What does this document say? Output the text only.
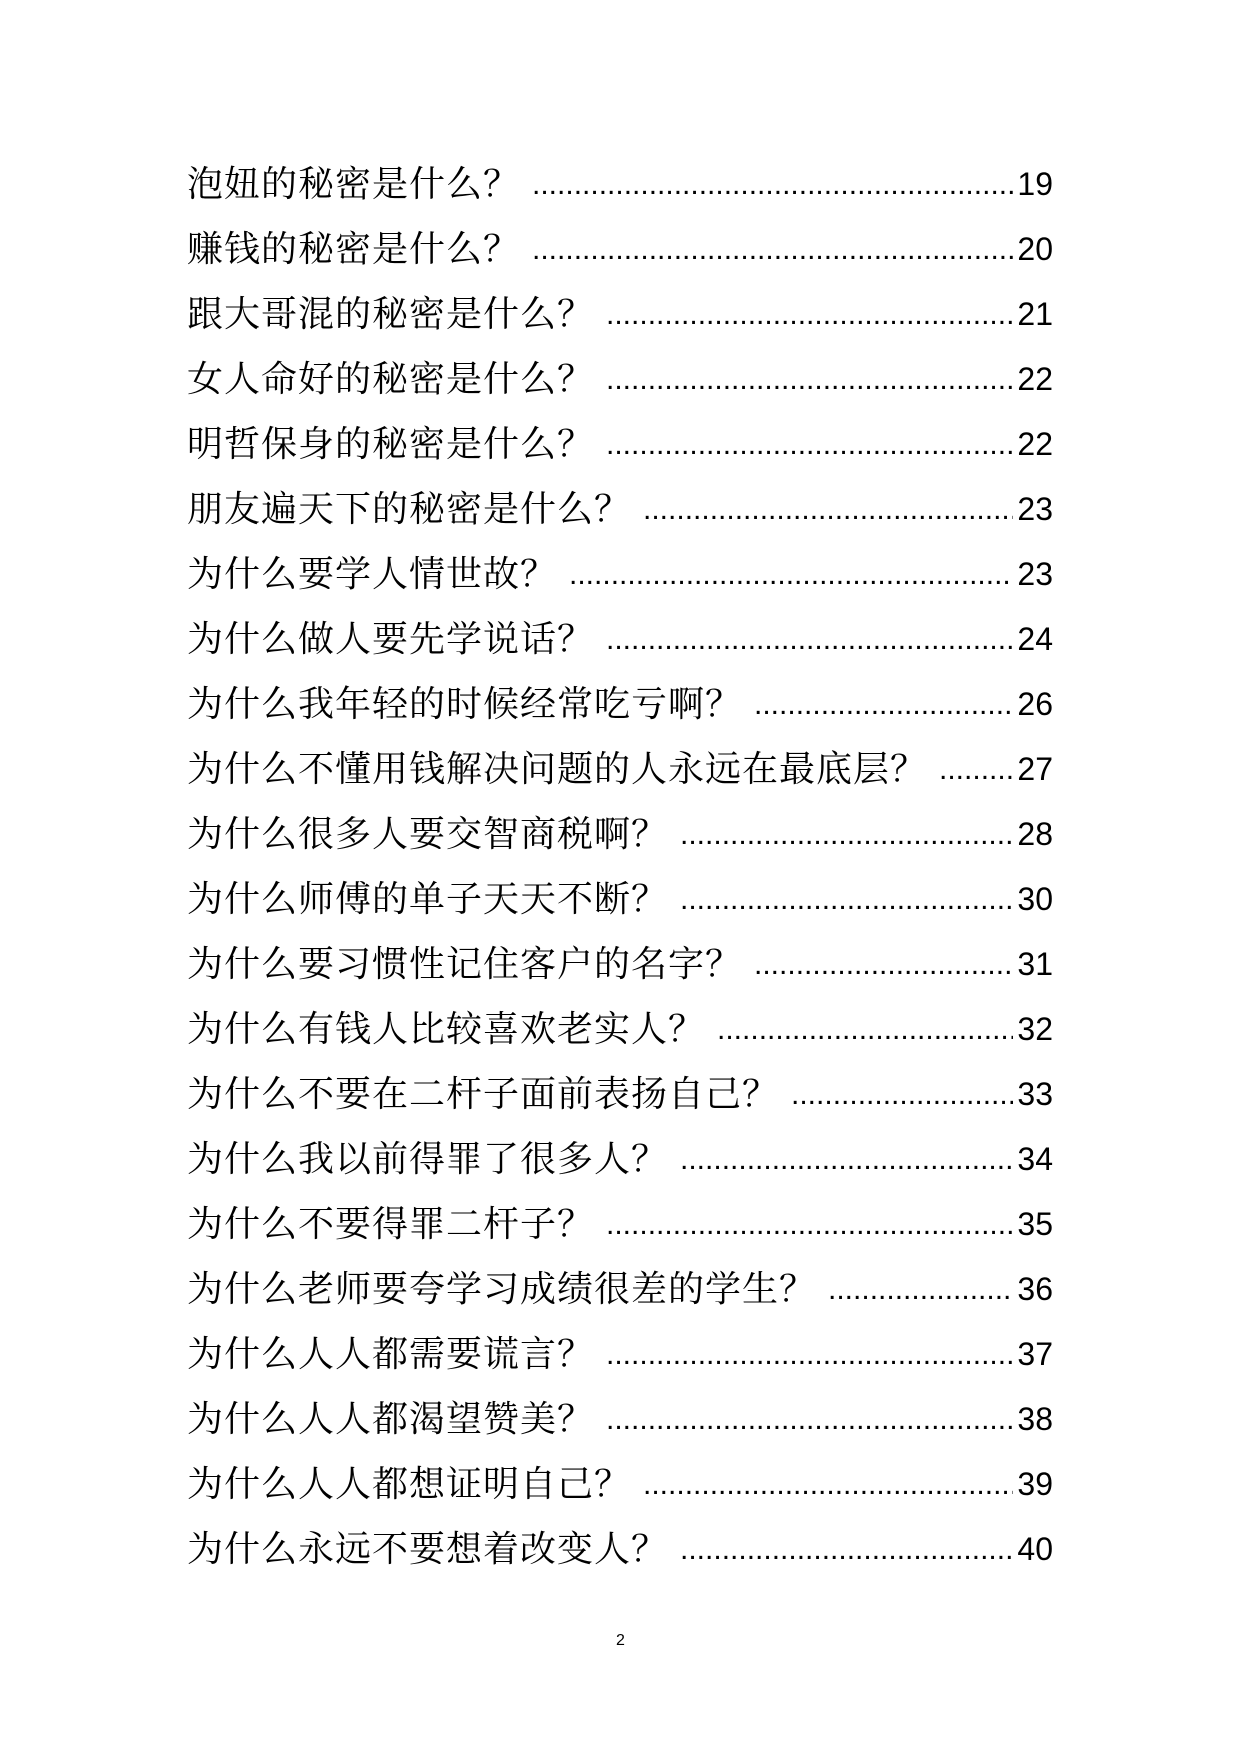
泡妞的秘密是什么？ .....	19
赚钱的秘密是什么？ .....	20
跟大哥混的秘密是什么？ .....	21
女人命好的秘密是什么？ .....	22
明哲保身的秘密是什么？ .....	22
朋友遍天下的秘密是什么？ .....	23
为什么要学人情世故？ .....	23
为什么做人要先学说话？ .....	24
为什么我年轻的时候经常吃亏啊？ .....	26
为什么不懂用钱解决问题的人永远在最底层？ .....	27
为什么很多人要交智商税啊？ .....	28
为什么师傅的单子天天不断？ .....	30
为什么要习惯性记住客户的名字？ .....	31
为什么有钱人比较喜欢老实人？ .....	32
为什么不要在二杆子面前表扬自己？ .....	33
为什么我以前得罪了很多人？ .....	34
为什么不要得罪二杆子？ .....	35
为什么老师要夸学习成绩很差的学生？ .....	36
为什么人人都需要谎言？ .....	37
为什么人人都渴望赞美？ .....	38
为什么人人都想证明自己？ .....	39
为什么永远不要想着改变人？ .....	40
2
